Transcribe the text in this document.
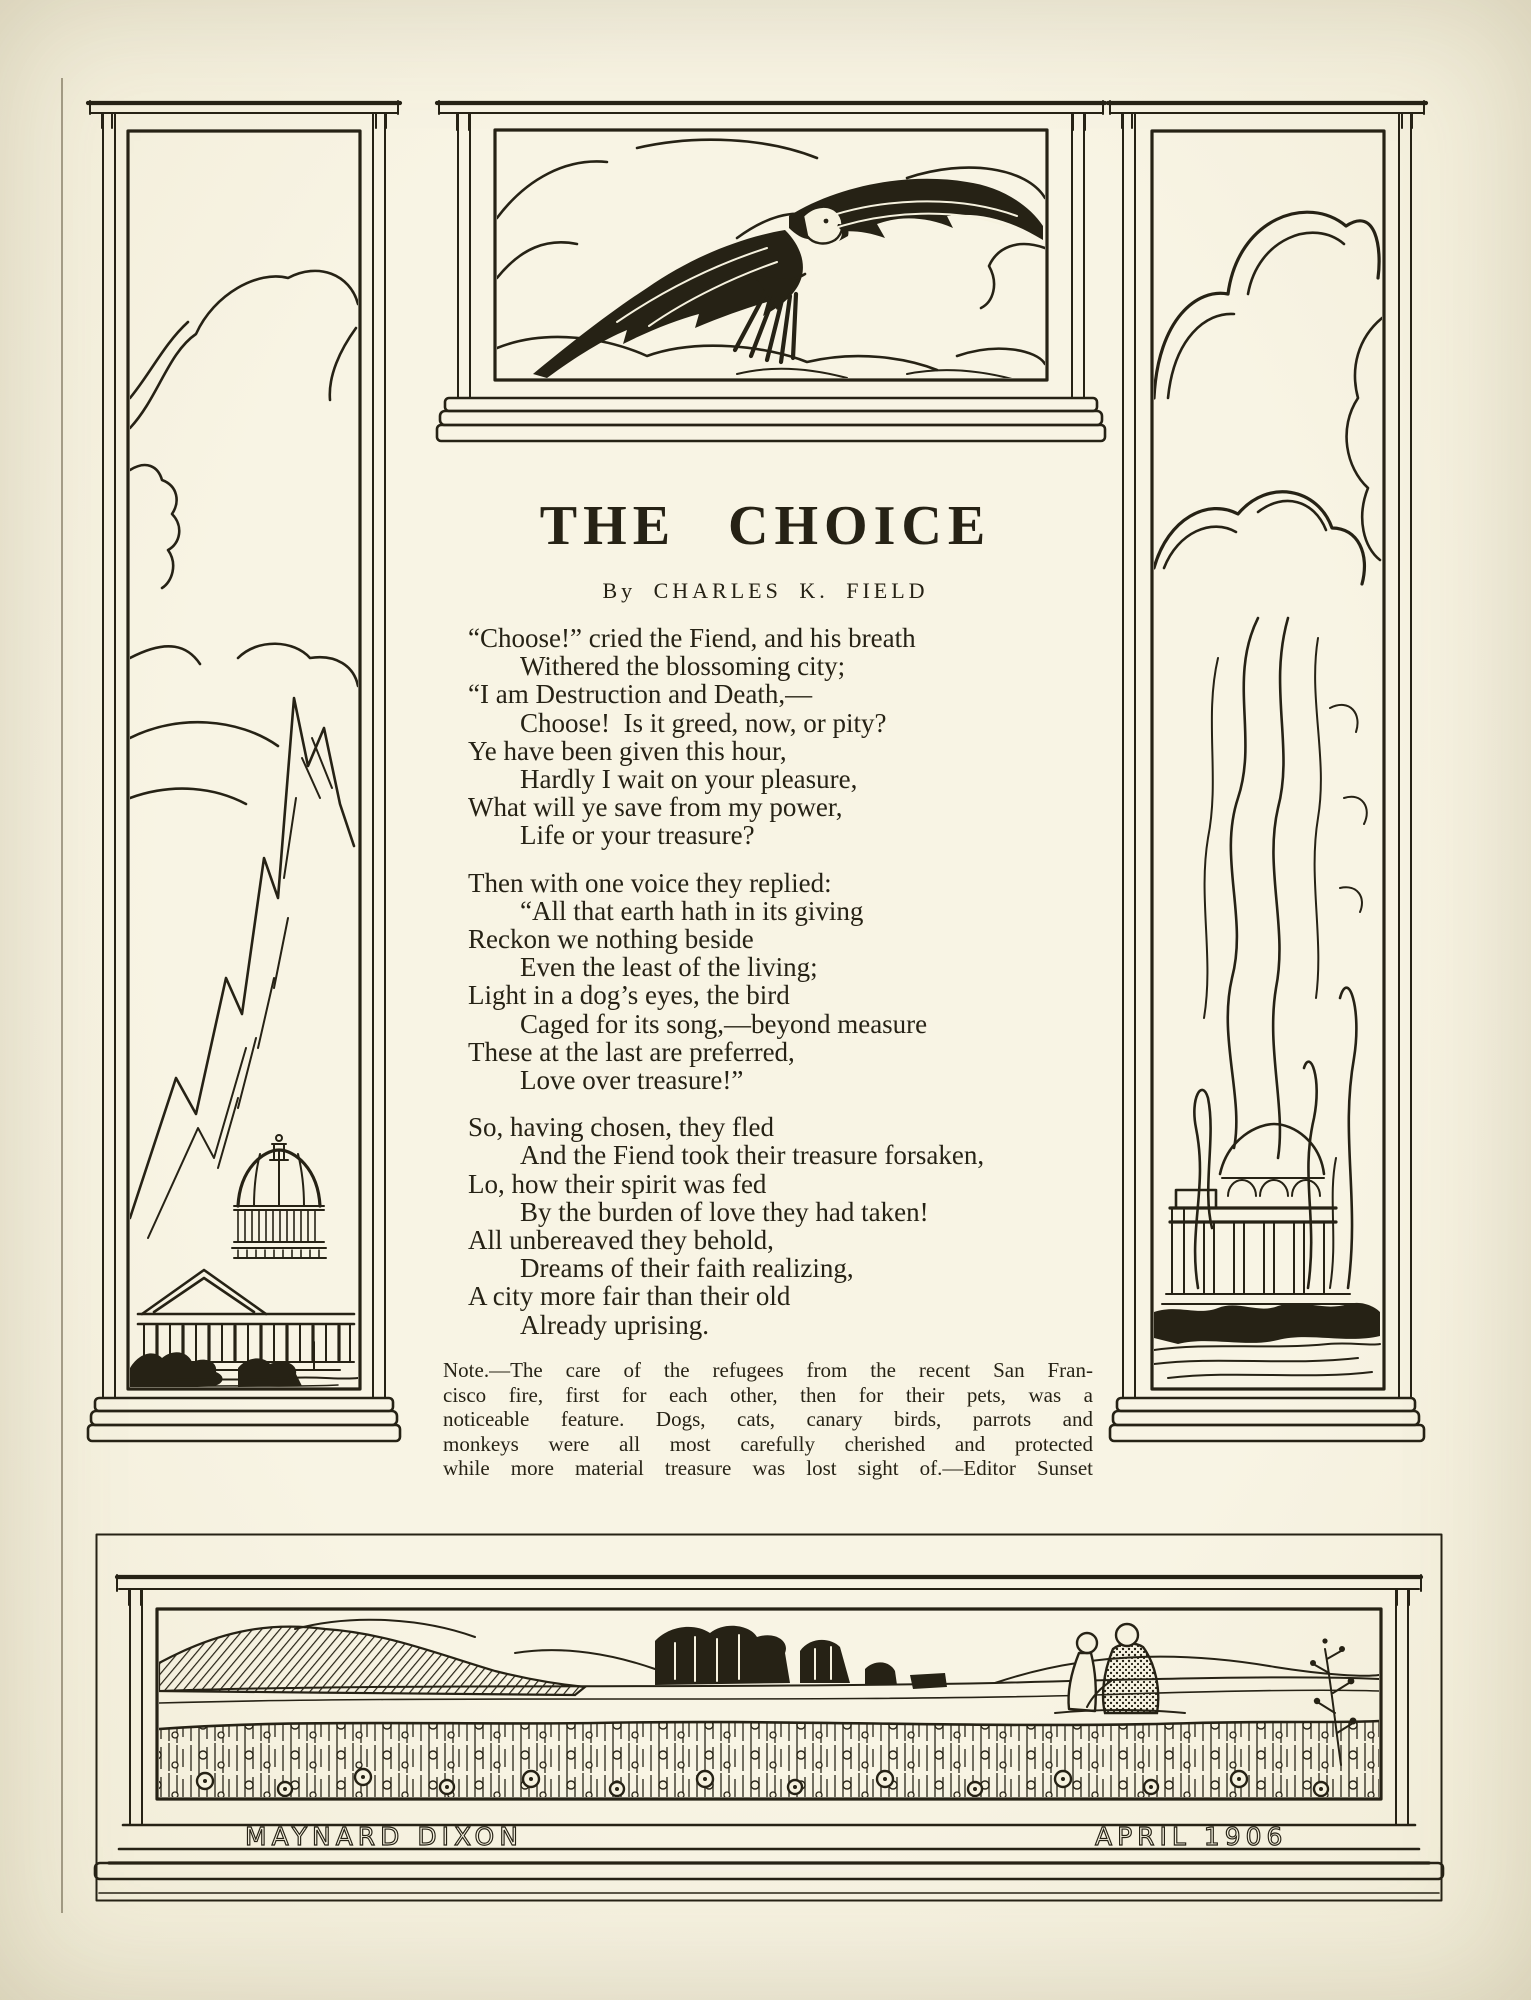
THE CHOICE
By CHARLES K. FIELD
“Choose!” cried the Fiend, and his breath
Withered the blossoming city;
“I am Destruction and Death,—
Choose!  Is it greed, now, or pity?
Ye have been given this hour,
Hardly I wait on your pleasure,
What will ye save from my power,
Life or your treasure?
Then with one voice they replied:
“All that earth hath in its giving
Reckon we nothing beside
Even the least of the living;
Light in a dog’s eyes, the bird
Caged for its song,—beyond measure
These at the last are preferred,
Love over treasure!”
So, having chosen, they fled
And the Fiend took their treasure forsaken,
Lo, how their spirit was fed
By the burden of love they had taken!
All unbereaved they behold,
Dreams of their faith realizing,
A city more fair than their old
Already uprising.
Note.—The care of the refugees from the recent San Fran-
cisco fire, first for each other, then for their pets, was a
noticeable feature. Dogs, cats, canary birds, parrots and
monkeys were all most carefully cherished and protected
while more material treasure was lost sight of.—Editor Sunset
MAYNARD DIXON	APRIL 1906
